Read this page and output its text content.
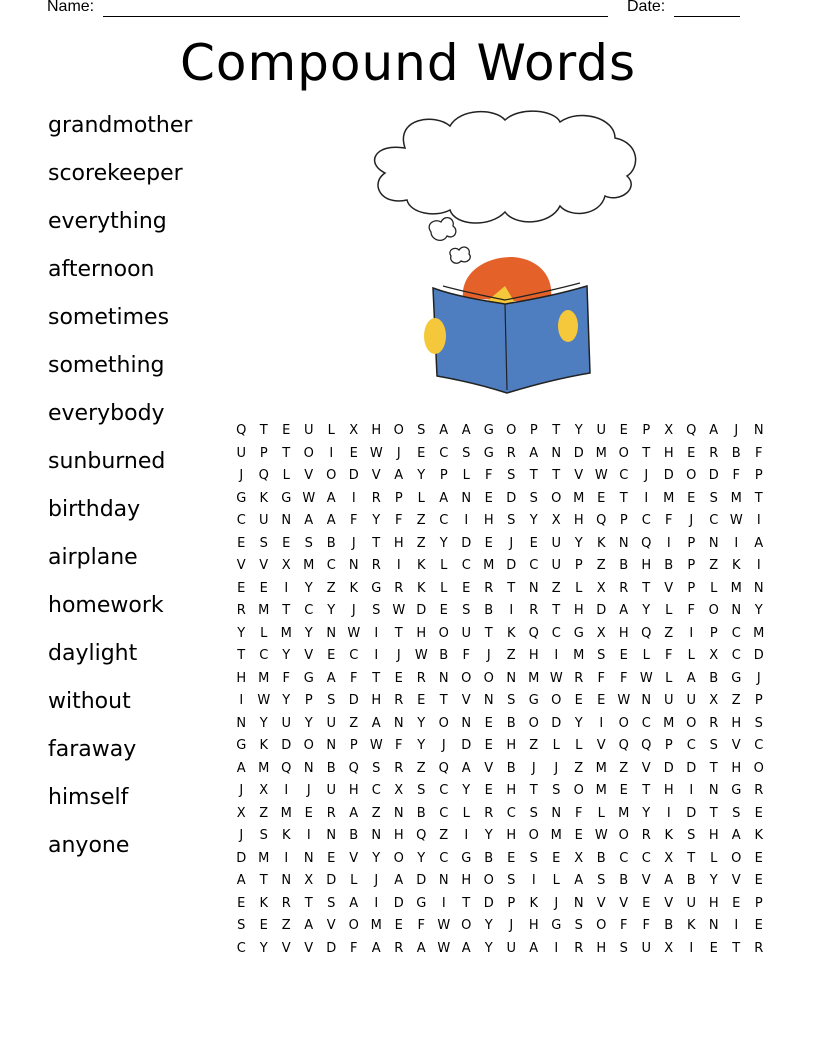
Name:	Date:
Compound Words
grandmother
scorekeeper
everything
afternoon
sometimes
something
everybody
sunburned
birthday
airplane
homework
daylight
without
faraway
himself
anyone
Q	T	E	U	L	X	H O	S	A	A	G O	P	T	Y	U	E	P	X Q A	J	N
U	P	T	O	I	E W	J	E	C	S	G R	A	N D M O	T	H	E	R	B	F
J	Q	L	V O D	V	A	Y	P	L	F	S	T	T	V W C	J	D O D	F	P
G	K	G W A	I	R	P	L	A	N	E	D	S	O M E	T	I	M E	S M T
C	U N	A	A	F	Y	F	Z	C	I	H	S	Y	X	H Q	P	C	F	J	C W	I
E	S	E	S	B	J	T	H	Z	Y	D	E	J	E	U	Y	K	N Q	I	P	N	I	A
V	V	X M C	N	R	I	K	L	C M D C	U	P	Z	B	H	B	P	Z	K	I
E	E	I	Y	Z	K	G R	K	L	E	R	T	N	Z	L	X	R	T	V	P	L	M N
R M T	C	Y	J	S W D	E	S	B	I	R	T	H D	A	Y	L	F	O N	Y
Y	L	M Y	N W	I	T	H O U	T	K	Q C G	X	H Q Z	I	P	C M
T	C	Y	V	E	C	I	J	W B	F	J	Z	H	I	M S	E	L	F	L	X	C D
H M	F	G	A	F	T	E	R	N O O N M W R	F	F W L	A	B	G	J
I	W Y	P	S	D H	R	E	T	V	N	S	G O	E	E W N U U	X	Z	P
N	Y	U	Y	U	Z	A	N	Y	O N	E	B O D	Y	I	O C M O R	H	S
G	K	D O N	P W F	Y	J	D	E	H	Z	L	L	V Q Q	P	C	S	V	C
A M Q N	B Q	S	R	Z Q A	V	B	J	J	Z M Z	V	D D	T	H O
J	X	I	J	U H	C	X	S	C	Y	E	H	T	S	O M E	T	H	I	N G R
X	Z M E	R	A	Z	N	B	C	L	R	C	S	N	F	L	M Y	I	D	T	S	E
J	S	K	I	N	B	N H Q Z	I	Y	H O M E W O R	K	S	H	A	K
D M	I	N	E	V	Y	O	Y	C G	B	E	S	E	X	B	C	C	X	T	L	O	E
A	T	N	X	D	L	J	A	D N H O	S	I	L	A	S	B	V	A	B	Y	V	E
E	K	R	T	S	A	I	D G	I	T	D	P	K	J	N	V	V	E	V	U H	E	P
S	E	Z	A	V O M E	F W O	Y	J	H G	S	O	F	F	B	K	N	I	E
C	Y	V	V	D	F	A	R	A W A	Y	U	A	I	R	H	S	U	X	I	E	T	R
